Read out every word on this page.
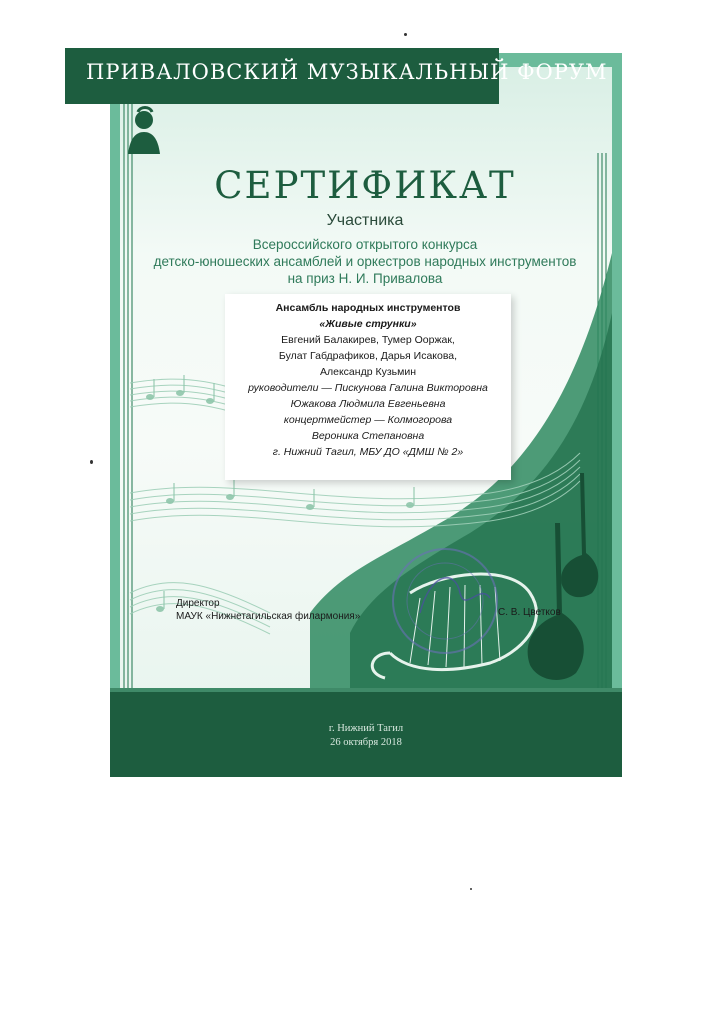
ПРИВАЛОВСКИЙ МУЗЫКАЛЬНЫЙ ФОРУМ
СЕРТИФИКАТ
Участника
Всероссийского открытого конкурса
детско-юношеских ансамблей и оркестров народных инструментов
на приз Н. И. Привалова
Ансамбль народных инструментов
«Живые струнки»
Евгений Балакирев, Тумер Ооржак,
Булат Габдрафиков, Дарья Исакова,
Александр Кузьмин
руководители — Пискунова Галина Викторовна
Южакова Людмила Евгеньевна
концертмейстер — Колмогорова
Вероника Степановна
г. Нижний Тагил, МБУ ДО «ДМШ № 2»
Директор
МАУК «Нижнетагильская филармония»	С. В. Цветков
г. Нижний Тагил
26 октября 2018
